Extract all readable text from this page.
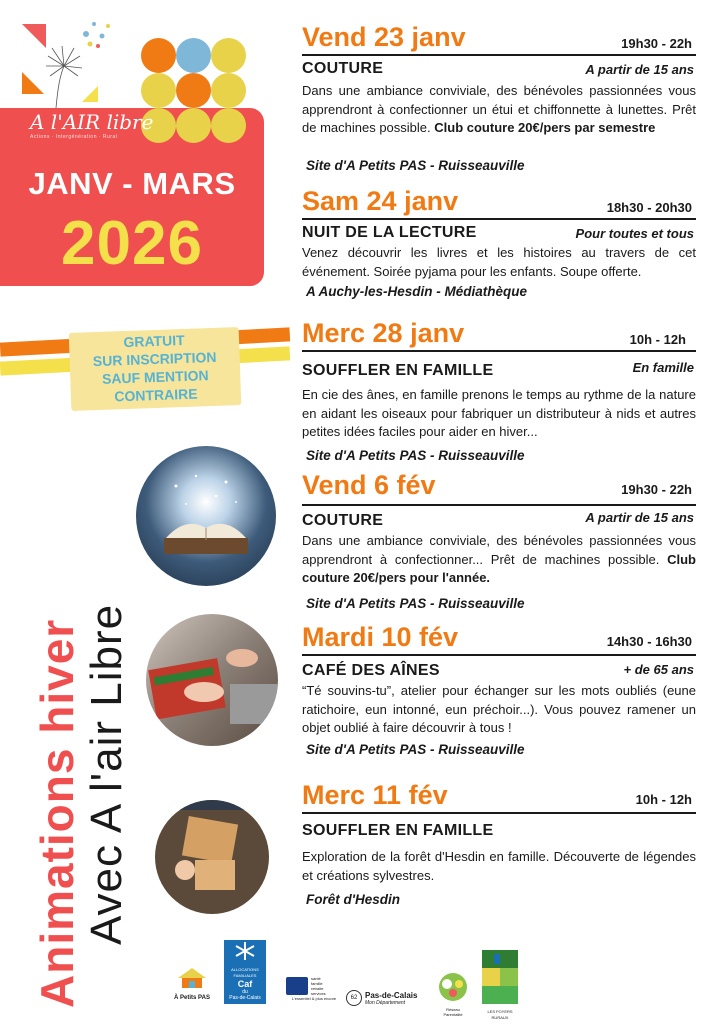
A l'AIR libre
Actions · Intergénération · Rural
JANV - MARS
2026
GRATUIT
SUR INSCRIPTION
SAUF MENTION
CONTRAIRE
Animations hiver Avec A l'air Libre
Vend 23 janv	19h30 - 22h
COUTURE	A partir de 15 ans
Dans une ambiance conviviale, des bénévoles passionnées vous apprendront à confectionner un étui et chiffonnette à lunettes. Prêt de machines possible. Club couture 20€/pers par semestre
Site d'A Petits PAS - Ruisseauville
Sam 24 janv	18h30 - 20h30
NUIT DE LA LECTURE	Pour toutes et tous
Venez découvrir les livres et les histoires au travers de cet événement. Soirée pyjama pour les enfants. Soupe offerte.
A Auchy-les-Hesdin - Médiathèque
Merc 28 janv	10h - 12h
SOUFFLER EN FAMILLE	En famille
En cie des ânes, en famille prenons le temps au rythme de la nature en aidant les oiseaux pour fabriquer un distributeur à nids et autres petites idées faciles pour aider en hiver...
Site d'A Petits PAS - Ruisseauville
Vend 6 fév	19h30 - 22h
COUTURE	A partir de 15 ans
Dans une ambiance conviviale, des bénévoles passionnées vous apprendront à confectionner... Prêt de machines possible. Club couture 20€/pers pour l'année.
Site d'A Petits PAS - Ruisseauville
Mardi 10 fév	14h30 - 16h30
CAFÉ DES AÎNES	+ de 65 ans
“Té souvins-tu”, atelier pour échanger sur les mots oubliés (eune ratichoire, eun intonné, eun préchoir...). Vous pouvez ramener un objet oublié à faire découvrir à tous !
Site d'A Petits PAS - Ruisseauville
Merc 11 fév	10h - 12h
SOUFFLER EN FAMILLE
Exploration de la forêt d'Hesdin en famille. Découverte de légendes et créations sylvestres.
Forêt d'Hesdin
À Petits PAS
ALLOCATIONS FAMILIALES
Caf
du
Pas-de-Calais
santé
famille
retraite
services
L'essentiel & plus encore	62 Pas-de-Calais
Mon Département
Réseau Parentalité
LES FOYERS RURAUX
